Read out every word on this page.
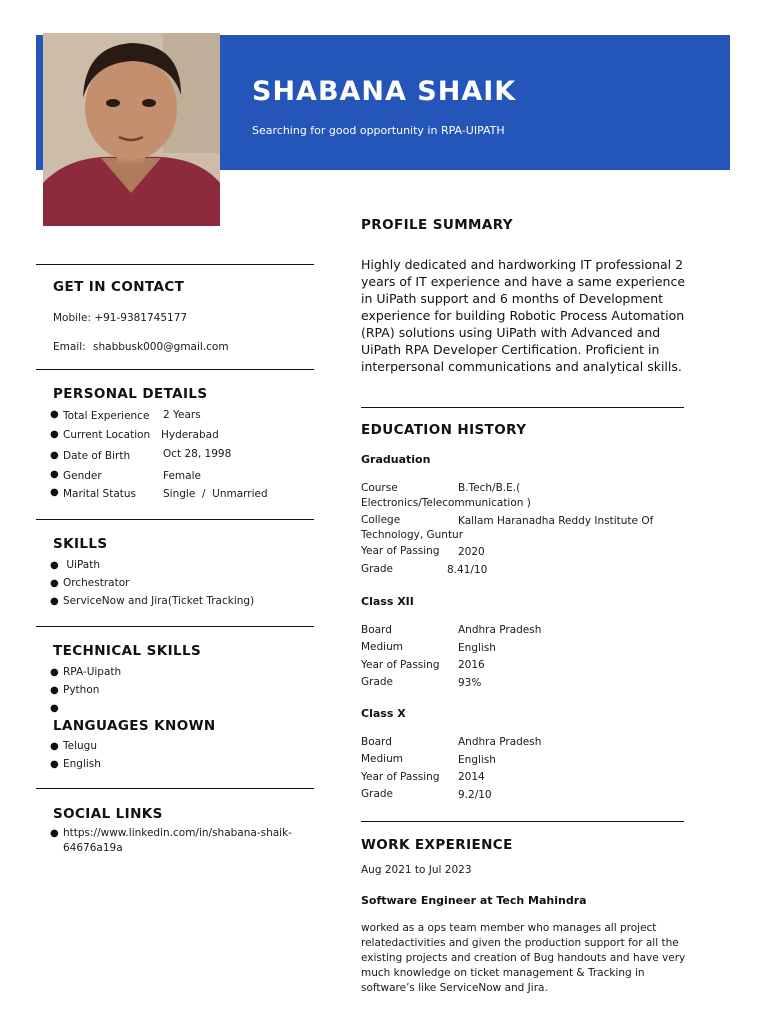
SHABANA SHAIK
Searching for good opportunity in RPA-UIPATH
GET IN CONTACT
Mobile: +91-9381745177
Email: shabbusk000@gmail.com
PERSONAL DETAILS
● Total Experience 2 Years
● Current Location Hyderabad
● Date of Birth	Oct 28, 1998
● Gender	Female
● Marital Status	Single  /  Unmarried
SKILLS
● UiPath
● Orchestrator
● ServiceNow and Jira(Ticket Tracking)
TECHNICAL SKILLS
● RPA-Uipath
● Python
●
LANGUAGES KNOWN
● Telugu
● English
SOCIAL LINKS
● https://www.linkedin.com/in/shabana-shaik-
64676a19a
PROFILE SUMMARY
Highly dedicated and hardworking IT professional 2 years of IT experience and have a same experience in UiPath support and 6 months of Development experience for building Robotic Process Automation (RPA) solutions using UiPath with Advanced and UiPath RPA Developer Certification. Proficient in interpersonal communications and analytical skills.
EDUCATION HISTORY
Graduation
Course	B.Tech/B.E.(
Electronics/Telecommunication )
College	Kallam Haranadha Reddy Institute Of
Technology, Guntur
Year of Passing 2020
Grade	8.41/10
Class XII
Board	Andhra Pradesh
Medium	English
Year of Passing 2016
Grade	93%
Class X
Board	Andhra Pradesh
Medium	English
Year of Passing 2014
Grade	9.2/10
WORK EXPERIENCE
Aug 2021 to Jul 2023
Software Engineer at Tech Mahindra
worked as a ops team member who manages all project relatedactivities and given the production support for all the existing projects and creation of Bug handouts and have very much knowledge on ticket management & Tracking in software’s like ServiceNow and Jira.
